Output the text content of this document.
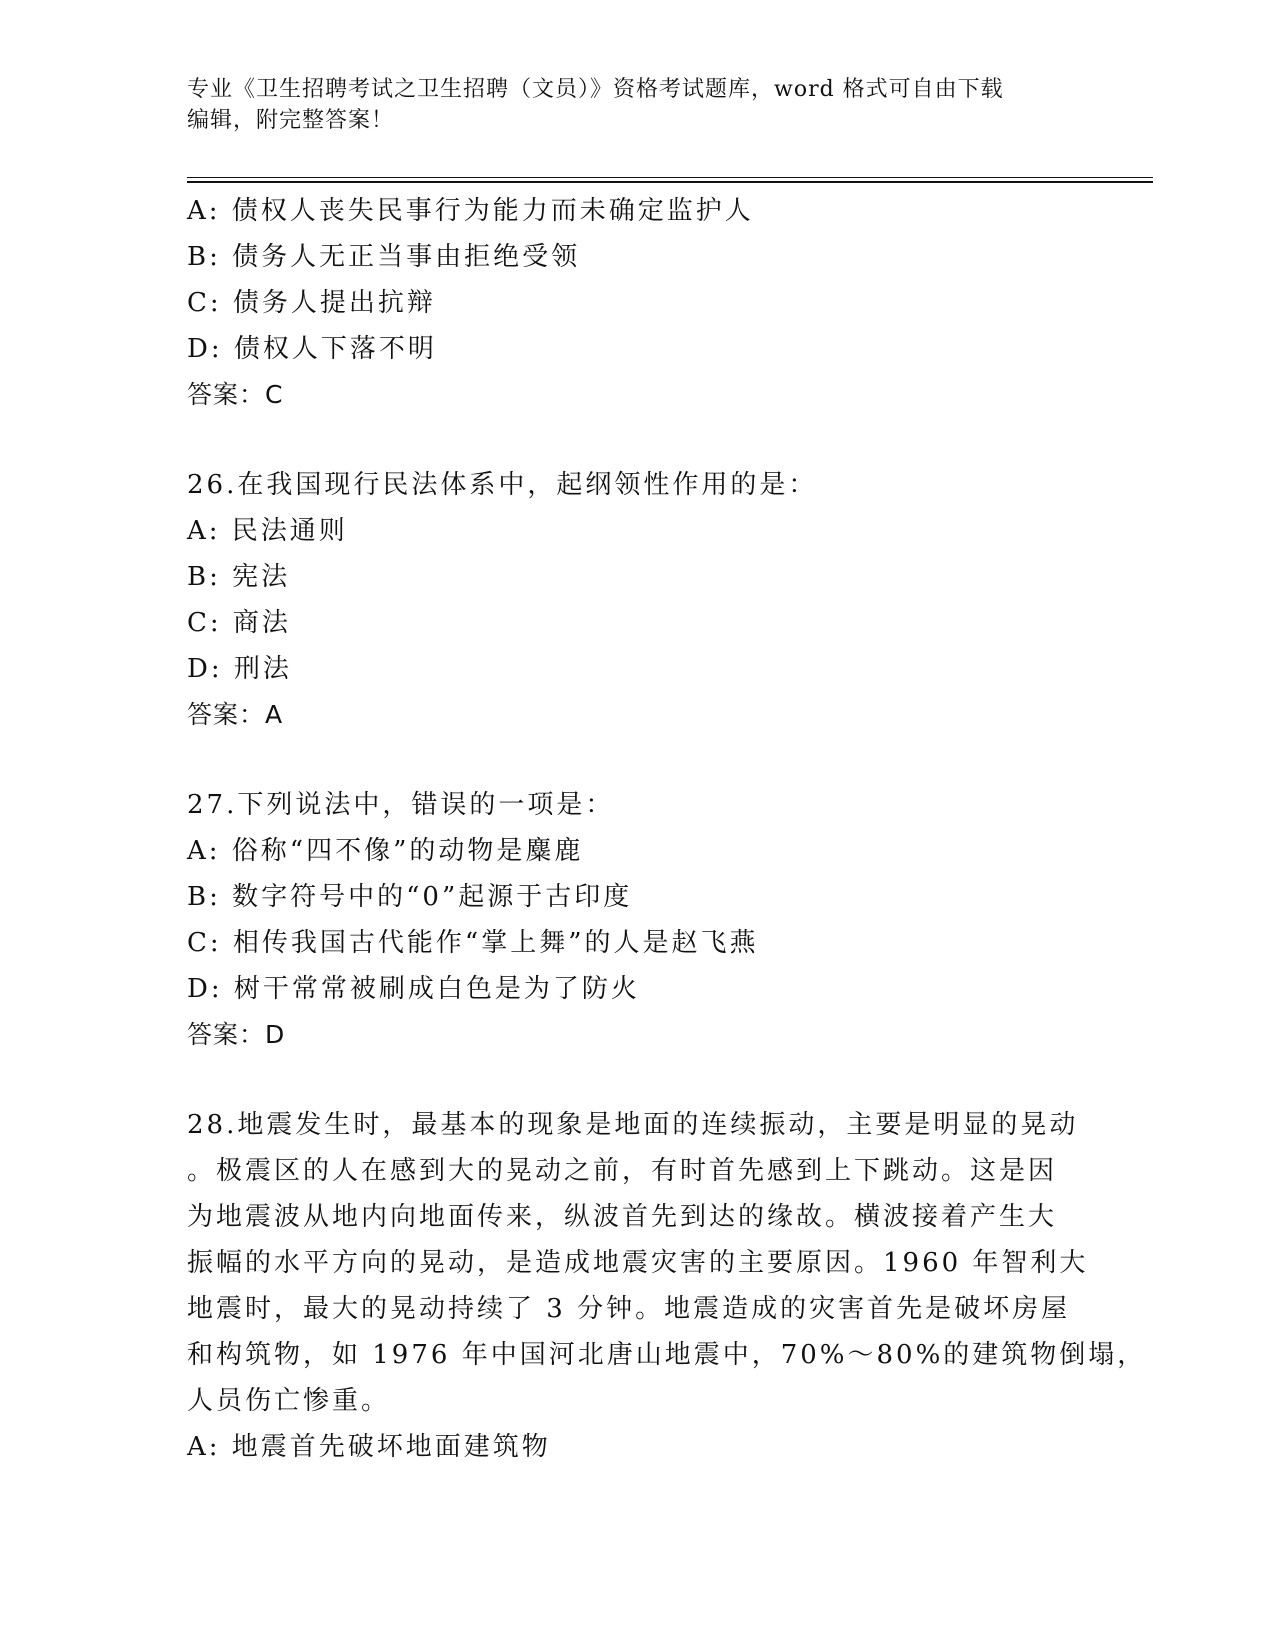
专业《卫生招聘考试之卫生招聘（文员）》资格考试题库，word 格式可自由下载
编辑，附完整答案！
A: 债权人丧失民事行为能力而未确定监护人
B: 债务人无正当事由拒绝受领
C: 债务人提出抗辩
D: 债权人下落不明
答案：C
26.在我国现行民法体系中，起纲领性作用的是：
A: 民法通则
B: 宪法
C: 商法
D: 刑法
答案：A
27.下列说法中，错误的一项是：
A: 俗称“四不像”的动物是麋鹿
B: 数字符号中的“0”起源于古印度
C: 相传我国古代能作“掌上舞”的人是赵飞燕
D: 树干常常被刷成白色是为了防火
答案：D
28.地震发生时，最基本的现象是地面的连续振动，主要是明显的晃动
。极震区的人在感到大的晃动之前，有时首先感到上下跳动。这是因
为地震波从地内向地面传来，纵波首先到达的缘故。横波接着产生大
振幅的水平方向的晃动，是造成地震灾害的主要原因。1960 年智利大
地震时，最大的晃动持续了 3 分钟。地震造成的灾害首先是破坏房屋
和构筑物，如 1976 年中国河北唐山地震中，70%～80%的建筑物倒塌，
人员伤亡惨重。
A: 地震首先破坏地面建筑物
